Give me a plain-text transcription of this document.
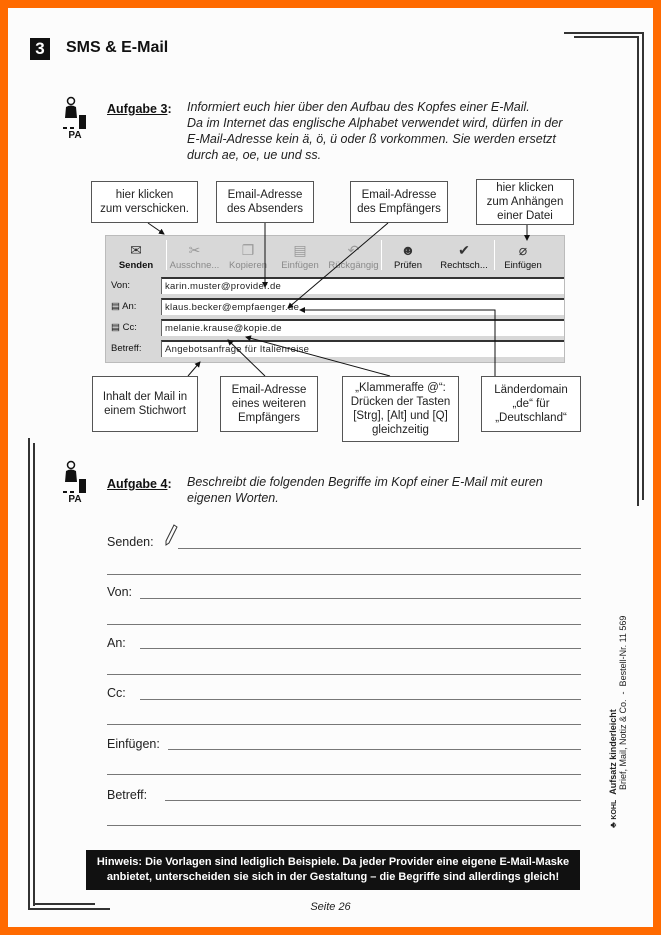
3	SMS & E-Mail
PA
Aufgabe 3: Informiert euch hier über den Aufbau des Kopfes einer E-Mail.
Da im Internet das englische Alphabet verwendet wird, dürfen in der
E-Mail-Adresse kein ä, ö, ü oder ß vorkommen. Sie werden ersetzt
durch ae, oe, ue und ss.
hier klicken
zum verschicken.
Email-Adresse
des Absenders
Email-Adresse
des Empfängers
hier klicken
zum Anhängen
einer Datei
✉
Senden
✂
Ausschne...
❐
Kopieren
▤
Einfügen
↶
Rückgängig
☻
Prüfen
✔
Rechtsch...
⌀
Einfügen
Von:	karin.muster@provider.de
▤ An:	klaus.becker@empfaenger.de
▤ Cc:	melanie.krause@kopie.de
Betreff:	Angebotsanfrage für Italienreise
Inhalt der Mail in
einem Stichwort
Email-Adresse
eines weiteren
Empfängers
„Klammeraffe @“:
Drücken der Tasten
[Strg], [Alt] und [Q]
gleichzeitig
Länderdomain
„de“ für
„Deutschland“
PA
Aufgabe 4: Beschreibt die folgenden Begriffe im Kopf einer E-Mail mit euren
eigenen Worten.
Senden:
Von:
An:
Cc:
Einfügen:
Betreff:
Hinweis: Die Vorlagen sind lediglich Beispiele. Da jeder Provider eine eigene E-Mail-Maske
anbietet, unterscheiden sie sich in der Gestaltung – die Begriffe sind allerdings gleich!
Seite 26
♣ KOHL  Aufsatz kinderleicht Brief, Mail, Notiz & Co.  -  Bestell-Nr. 11 569
